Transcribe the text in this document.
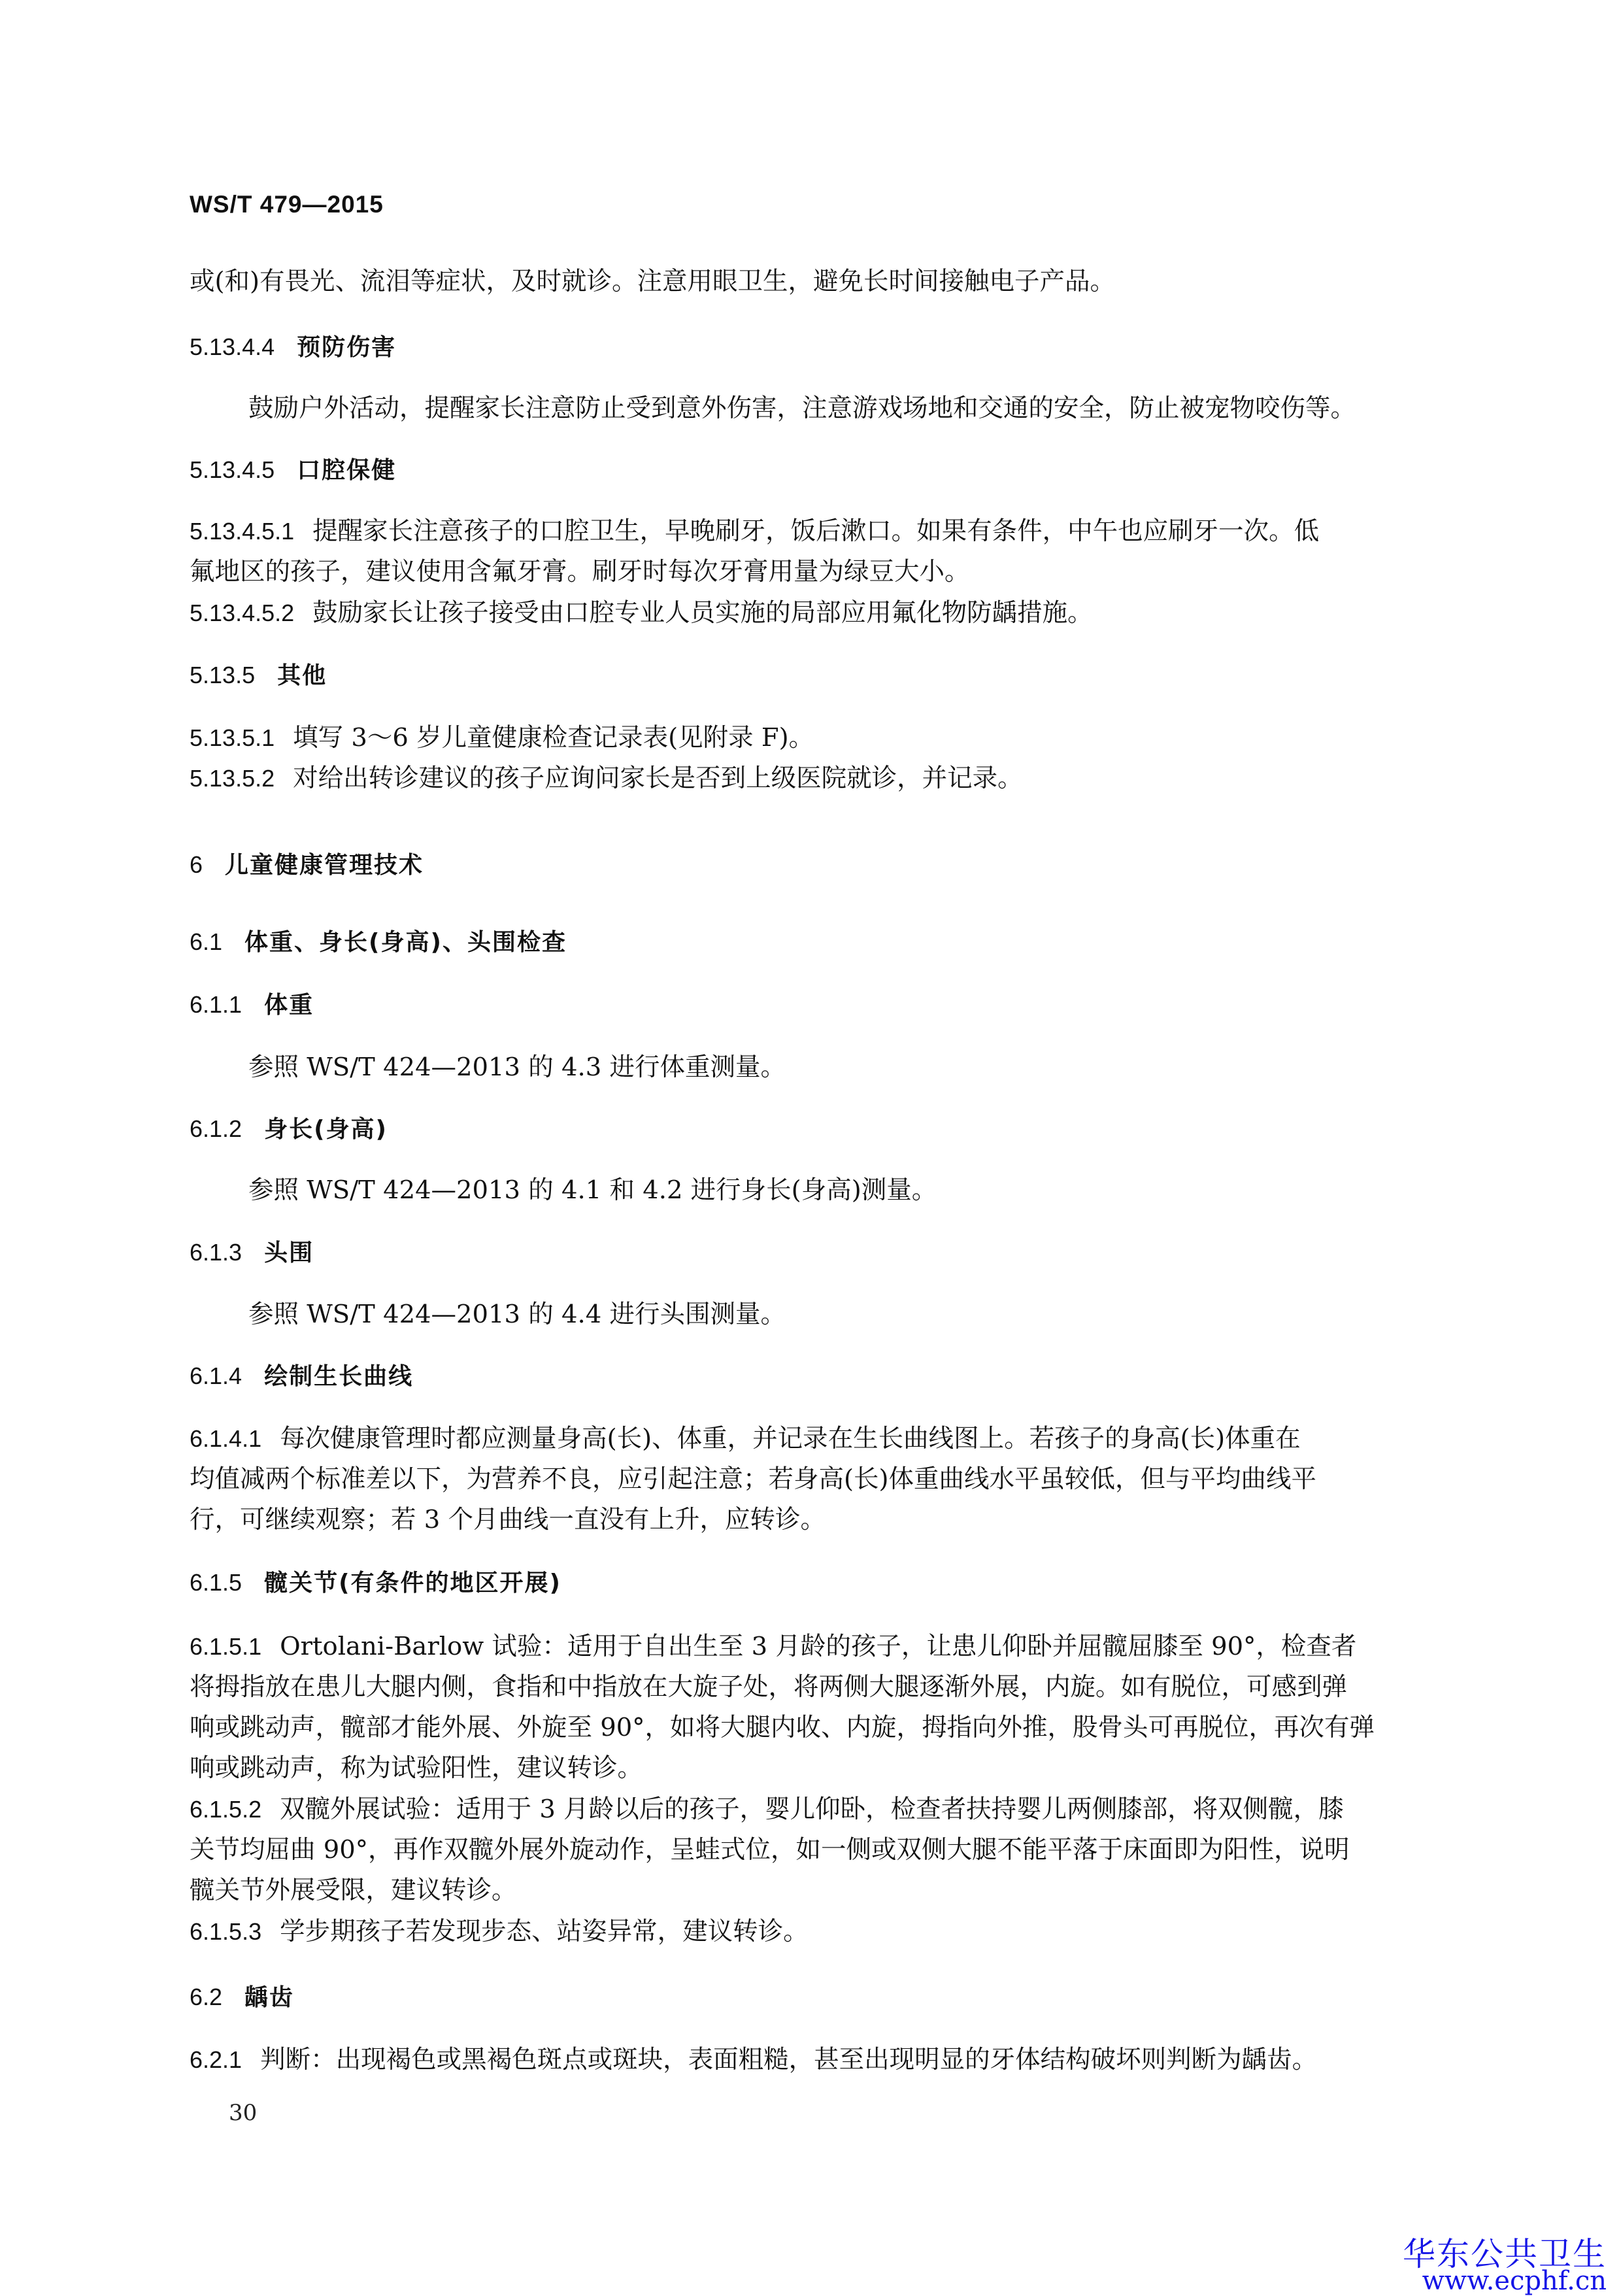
WS/T 479—2015
或(和)有畏光、流泪等症状，及时就诊。注意用眼卫生，避免长时间接触电子产品。
5.13.4.4 预防伤害
鼓励户外活动，提醒家长注意防止受到意外伤害，注意游戏场地和交通的安全，防止被宠物咬伤等。
5.13.4.5 口腔保健
5.13.4.5.1 提醒家长注意孩子的口腔卫生，早晚刷牙，饭后漱口。如果有条件，中午也应刷牙一次。低
氟地区的孩子，建议使用含氟牙膏。刷牙时每次牙膏用量为绿豆大小。
5.13.4.5.2 鼓励家长让孩子接受由口腔专业人员实施的局部应用氟化物防龋措施。
5.13.5 其他
5.13.5.1 填写 3～6 岁儿童健康检查记录表(见附录 F)。
5.13.5.2 对给出转诊建议的孩子应询问家长是否到上级医院就诊，并记录。
6 儿童健康管理技术
6.1 体重、身长(身高)、头围检查
6.1.1 体重
参照 WS/T 424—2013 的 4.3 进行体重测量。
6.1.2 身长(身高)
参照 WS/T 424—2013 的 4.1 和 4.2 进行身长(身高)测量。
6.1.3 头围
参照 WS/T 424—2013 的 4.4 进行头围测量。
6.1.4 绘制生长曲线
6.1.4.1 每次健康管理时都应测量身高(长)、体重，并记录在生长曲线图上。若孩子的身高(长)体重在
均值减两个标准差以下，为营养不良，应引起注意；若身高(长)体重曲线水平虽较低，但与平均曲线平
行，可继续观察；若 3 个月曲线一直没有上升，应转诊。
6.1.5 髋关节(有条件的地区开展)
6.1.5.1 Ortolani-Barlow 试验：适用于自出生至 3 月龄的孩子，让患儿仰卧并屈髋屈膝至 90°，检查者
将拇指放在患儿大腿内侧，食指和中指放在大旋子处，将两侧大腿逐渐外展，内旋。如有脱位，可感到弹
响或跳动声，髋部才能外展、外旋至 90°，如将大腿内收、内旋，拇指向外推，股骨头可再脱位，再次有弹
响或跳动声，称为试验阳性，建议转诊。
6.1.5.2 双髋外展试验：适用于 3 月龄以后的孩子，婴儿仰卧，检查者扶持婴儿两侧膝部，将双侧髋，膝
关节均屈曲 90°，再作双髋外展外旋动作，呈蛙式位，如一侧或双侧大腿不能平落于床面即为阳性，说明
髋关节外展受限，建议转诊。
6.1.5.3 学步期孩子若发现步态、站姿异常，建议转诊。
6.2 龋齿
6.2.1 判断：出现褐色或黑褐色斑点或斑块，表面粗糙，甚至出现明显的牙体结构破坏则判断为龋齿。
30
华东公共卫生
www.ecphf.cn
